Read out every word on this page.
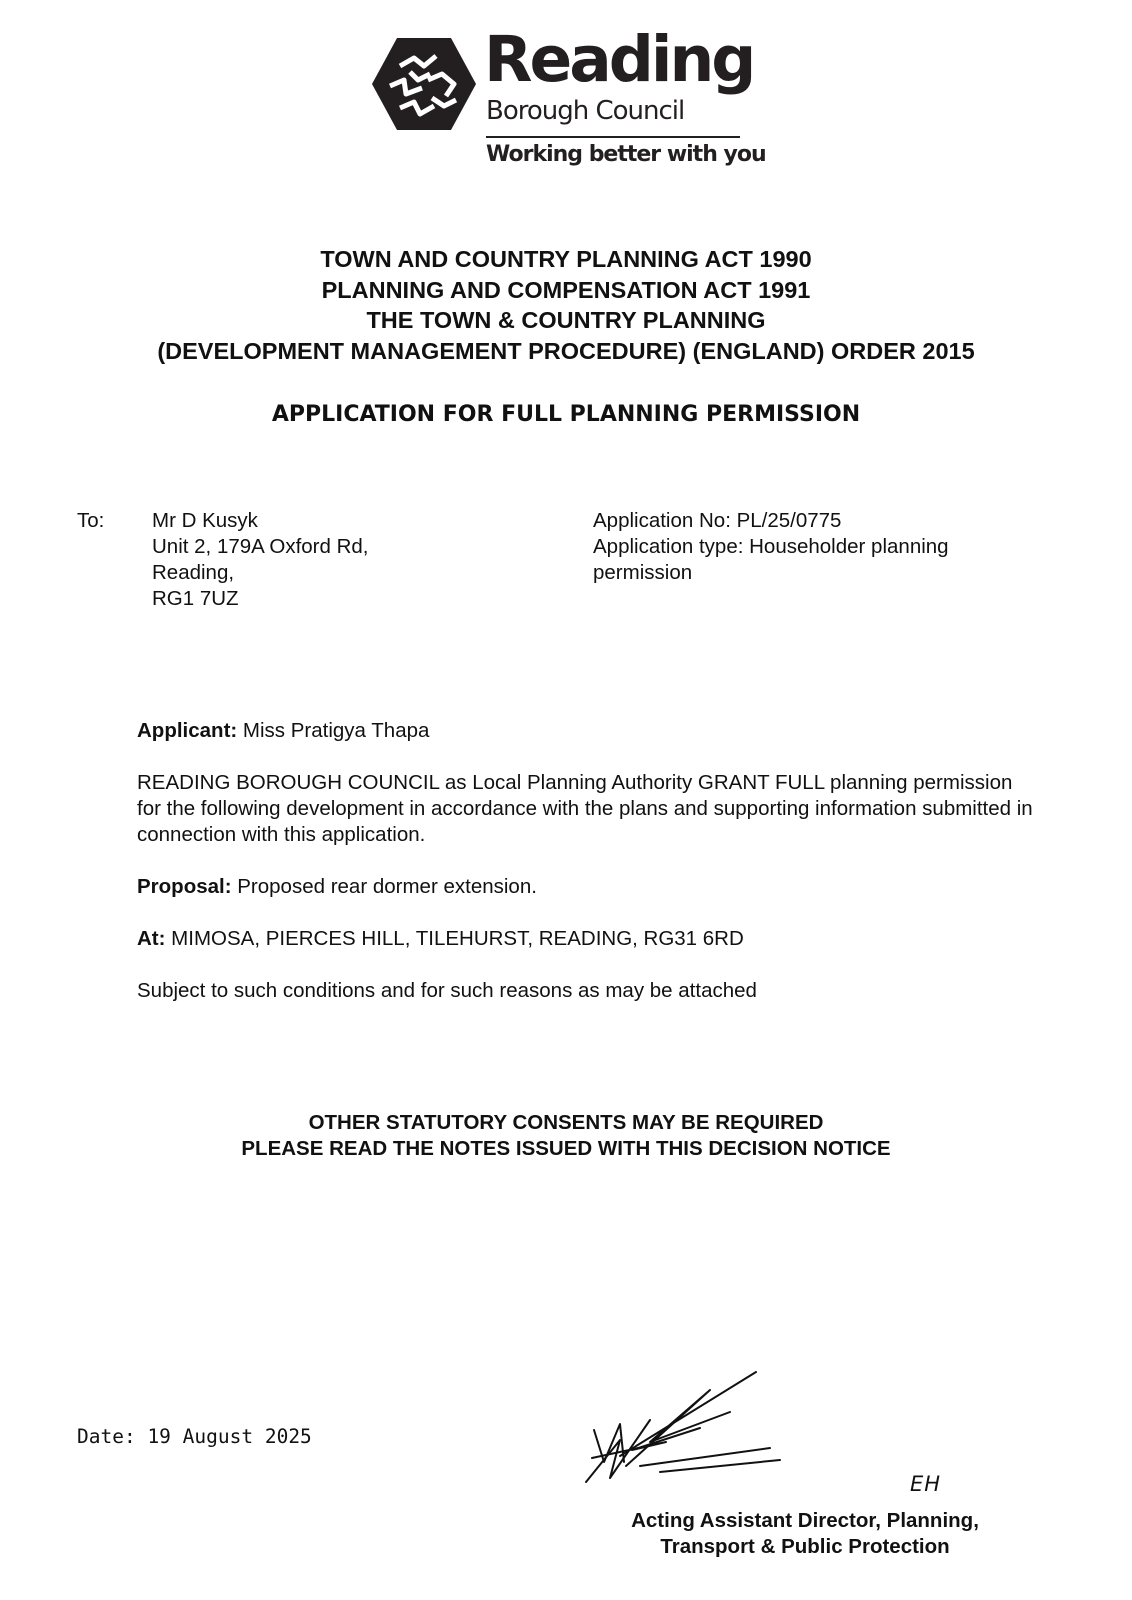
Reading
Borough Council
Working better with you
TOWN AND COUNTRY PLANNING ACT 1990
PLANNING AND COMPENSATION ACT 1991
THE TOWN & COUNTRY PLANNING
(DEVELOPMENT MANAGEMENT PROCEDURE) (ENGLAND) ORDER 2015
APPLICATION FOR FULL PLANNING PERMISSION
To: Mr D Kusyk
Unit 2, 179A Oxford Rd,
Reading,
RG1 7UZ
Application No: PL/25/0775
Application type: Householder planning
permission
Applicant: Miss Pratigya Thapa
READING BOROUGH COUNCIL as Local Planning Authority GRANT FULL planning permission for the following development in accordance with the plans and supporting information submitted in connection with this application.
Proposal: Proposed rear dormer extension.
At: MIMOSA, PIERCES HILL, TILEHURST, READING, RG31 6RD
Subject to such conditions and for such reasons as may be attached
OTHER STATUTORY CONSENTS MAY BE REQUIRED
PLEASE READ THE NOTES ISSUED WITH THIS DECISION NOTICE
Date: 19 August 2025
EH
Acting Assistant Director, Planning,
Transport & Public Protection
